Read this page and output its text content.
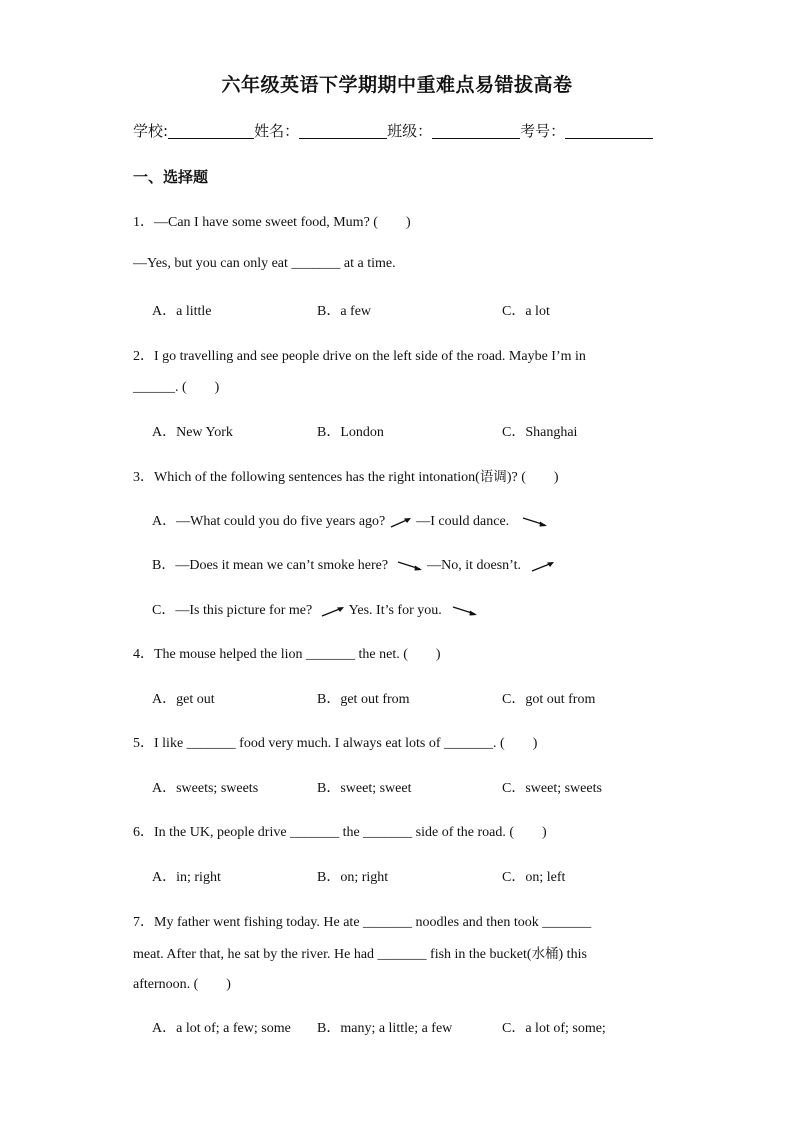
六年级英语下学期期中重难点易错拔高卷
学校:	姓名：	班级：	考号：
一、选择题
1．—Can I have some sweet food, Mum? (　　)
—Yes, but you can only eat _______ at a time.
A．a little	B．a few	C．a lot
2．I go travelling and see people drive on the left side of the road. Maybe I’m in
______. (　　)
A．New York	B．London	C．Shanghai
3．Which of the following sentences has the right intonation(语调)? (　　)
A．—What could you do five years ago? —I could dance.
B．—Does it mean we can’t smoke here?	—No, it doesn’t.
C．—Is this picture for me?	Yes. It’s for you.
4．The mouse helped the lion _______ the net. (　　)
A．get out	B．get out from	C．got out from
5．I like _______ food very much. I always eat lots of _______. (　　)
A．sweets; sweets	B．sweet; sweet	C．sweet; sweets
6．In the UK, people drive _______ the _______ side of the road. (　　)
A．in; right	B．on; right	C．on; left
7．My father went fishing today. He ate _______ noodles and then took _______
meat. After that, he sat by the river. He had _______ fish in the bucket(水桶) this
afternoon. (　　)
A．a lot of; a few; some B．many; a little; a few	C．a lot of; some;
